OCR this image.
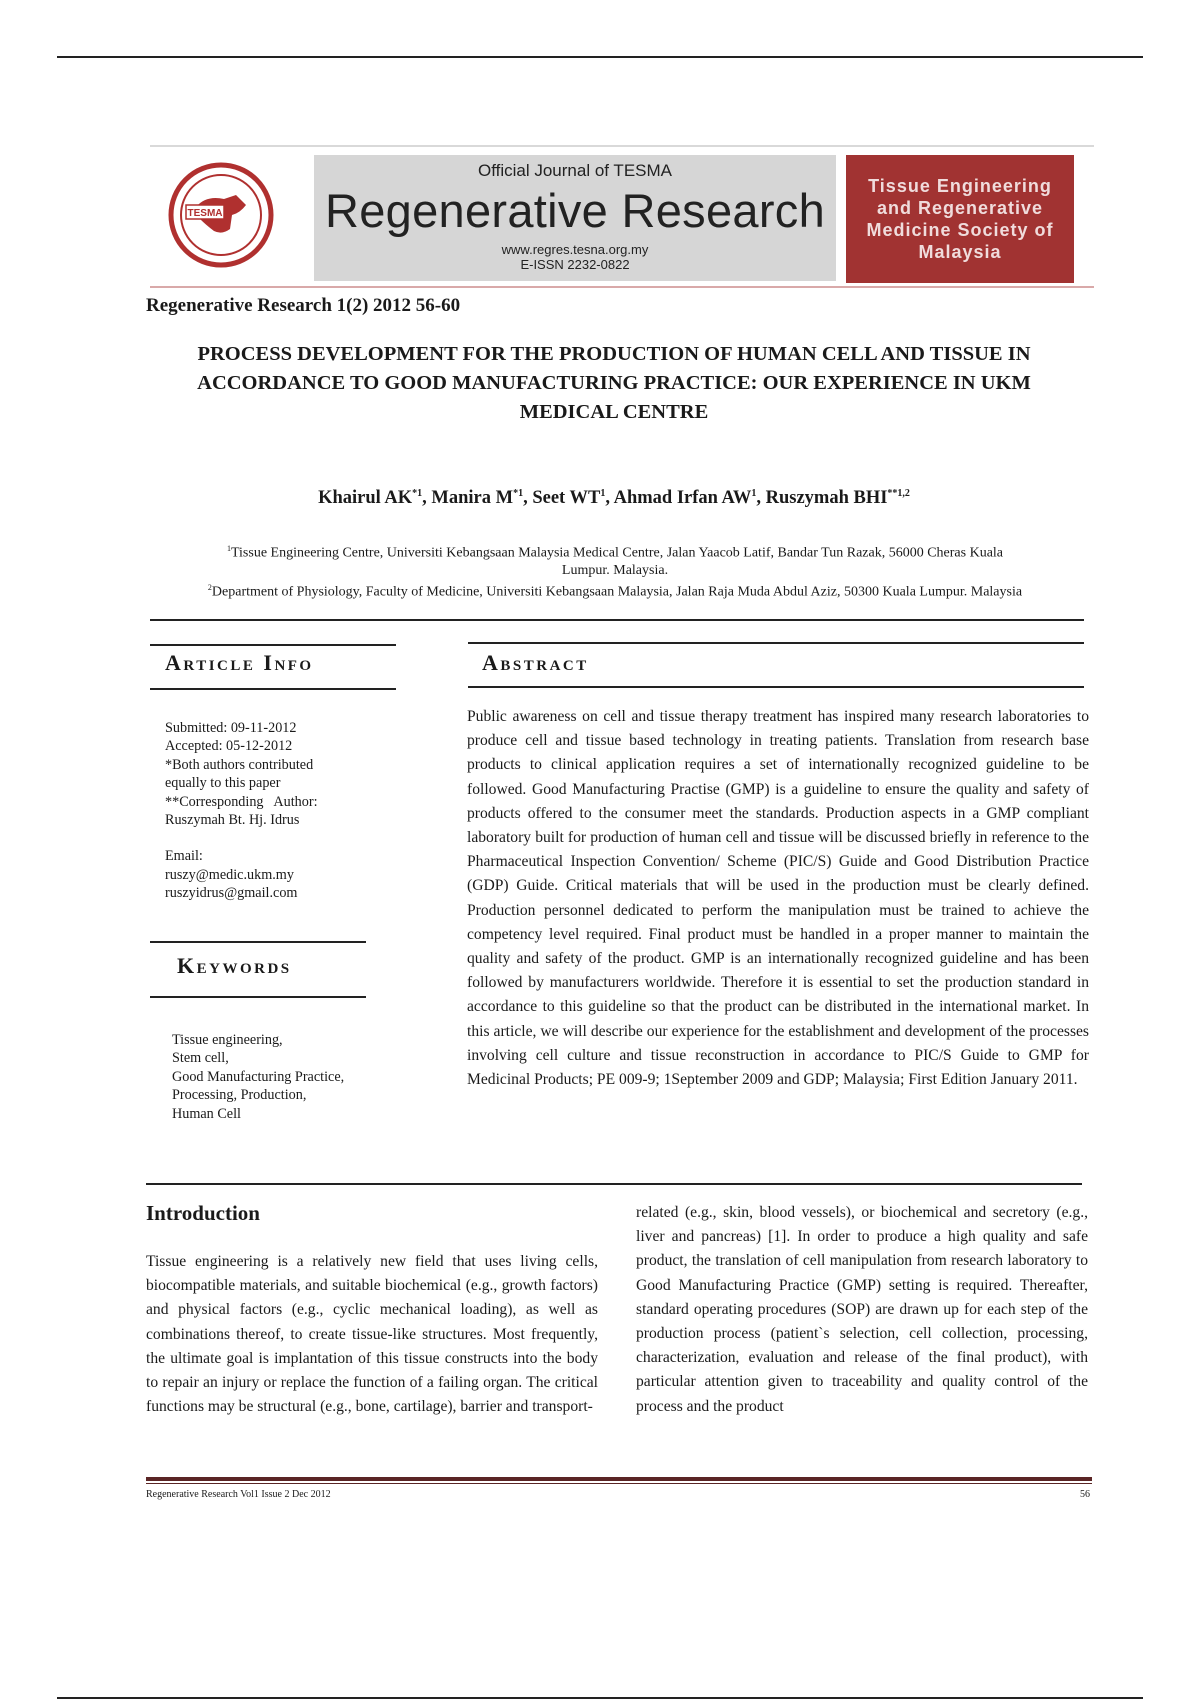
TESMA
Official Journal of TESMA
Regenerative Research
www.regres.tesna.org.my
E-ISSN 2232-0822
Tissue Engineering and Regenerative Medicine Society of Malaysia
Regenerative Research 1(2) 2012 56-60
PROCESS DEVELOPMENT FOR THE PRODUCTION OF HUMAN CELL AND TISSUE IN
ACCORDANCE TO GOOD MANUFACTURING PRACTICE: OUR EXPERIENCE IN UKM
MEDICAL CENTRE
Khairul AK$^{*1}$, Manira $M^{*1}$, Seet $WT^1$, Ahmad Irfan $AW^1$, Ruszymah BHI$^{**1,2}$
$^1$Tissue Engineering Centre, Universiti Kebangsaan Malaysia Medical Centre, Jalan Yaacob Latif, Bandar Tun Razak, 56000 Cheras Kuala
Lumpur. Malaysia.
$^2$Department of Physiology, Faculty of Medicine, Universiti Kebangsaan Malaysia, Jalan Raja Muda Abdul Aziz, 50300 Kuala Lumpur. Malaysia
Article Info
Submitted: 09-11-2012
Accepted: 05-12-2012
*Both authors contributed
equally to this paper
**Corresponding   Author:
Ruszymah Bt. Hj. Idrus
Email:
ruszy@medic.ukm.my
ruszyidrus@gmail.com
Keywords
Tissue engineering,
Stem cell,
Good Manufacturing Practice,
Processing, Production,
Human Cell
Abstract
Public awareness on cell and tissue therapy treatment has inspired many research laboratories to produce cell and tissue based technology in treating patients. Translation from research base products to clinical application requires a set of internationally recognized guideline to be followed. Good Manufacturing Practise (GMP) is a guideline to ensure the quality and safety of products offered to the consumer meet the standards. Production aspects in a GMP compliant laboratory built for production of human cell and tissue will be discussed briefly in reference to the Pharmaceutical Inspection Convention/ Scheme (PIC/S) Guide and Good Distribution Practice (GDP) Guide. Critical materials that will be used in the production must be clearly defined. Production personnel dedicated to perform the manipulation must be trained to achieve the competency level required. Final product must be handled in a proper manner to maintain the quality and safety of the product. GMP is an internationally recognized guideline and has been followed by manufacturers worldwide. Therefore it is essential to set the production standard in accordance to this guideline so that the product can be distributed in the international market. In this article, we will describe our experience for the establishment and development of the processes involving cell culture and tissue reconstruction in accordance to PIC/S Guide to GMP for Medicinal Products; PE 009-9; 1September 2009 and GDP; Malaysia; First Edition January 2011.
Introduction
Tissue engineering is a relatively new field that uses living cells, biocompatible materials, and suitable biochemical (e.g., growth factors) and physical factors (e.g., cyclic mechanical loading), as well as combinations thereof, to create tissue-like structures. Most frequently, the ultimate goal is implantation of this tissue constructs into the body to repair an injury or replace the function of a failing organ. The critical functions may be structural (e.g., bone, cartilage), barrier and transport-
related (e.g., skin, blood vessels), or biochemical and secretory (e.g., liver and pancreas) [1]. In order to produce a high quality and safe product, the translation of cell manipulation from research laboratory to Good Manufacturing Practice (GMP) setting is required. Thereafter, standard operating procedures (SOP) are drawn up for each step of the production process (patient`s selection, cell collection, processing, characterization, evaluation and release of the final product), with particular attention given to traceability and quality control of the process and the product
Regenerative Research Vol1 Issue 2 Dec 2012	56
